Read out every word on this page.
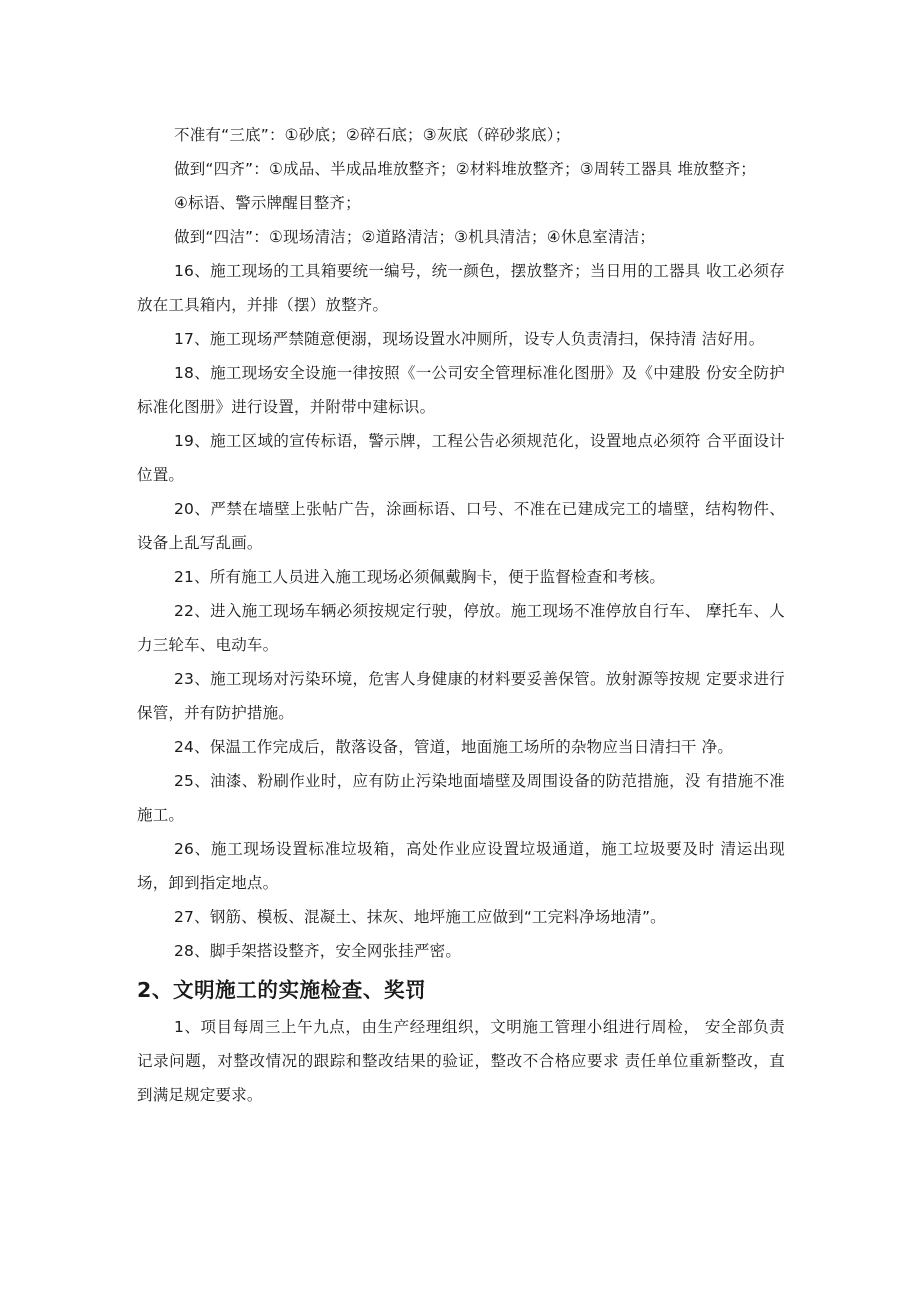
不准有“三底”：①砂底；②碎石底；③灰底（碎砂浆底）；

做到“四齐”：①成品、半成品堆放整齐；②材料堆放整齐；③周转工器具 堆放整齐；

④标语、警示牌醒目整齐；

做到“四洁”：①现场清洁；②道路清洁；③机具清洁；④休息室清洁；

16、施工现场的工具箱要统一编号，统一颜色，摆放整齐；当日用的工器具 收工必须存放在工具箱内，并排（摆）放整齐。

17、施工现场严禁随意便溺，现场设置水冲厕所，设专人负责清扫，保持清 洁好用。

18、施工现场安全设施一律按照《一公司安全管理标准化图册》及《中建股 份安全防护标准化图册》进行设置，并附带中建标识。

19、施工区域的宣传标语，警示牌，工程公告必须规范化，设置地点必须符 合平面设计位置。

20、严禁在墙壁上张帖广告，涂画标语、口号、不准在已建成完工的墙壁，结构物件、设备上乱写乱画。

21、所有施工人员进入施工现场必须佩戴胸卡，便于监督检查和考核。

22、进入施工现场车辆必须按规定行驶，停放。施工现场不准停放自行车、 摩托车、人力三轮车、电动车。

23、施工现场对污染环境，危害人身健康的材料要妥善保管。放射源等按规 定要求进行保管，并有防护措施。

24、保温工作完成后，散落设备，管道，地面施工场所的杂物应当日清扫干 净。

25、油漆、粉刷作业时，应有防止污染地面墙壁及周围设备的防范措施，没 有措施不准施工。

26、施工现场设置标准垃圾箱，高处作业应设置垃圾通道，施工垃圾要及时 清运出现场，卸到指定地点。

27、钢筋、模板、混凝土、抹灰、地坪施工应做到“工完料净场地清”。

28、脚手架搭设整齐，安全网张挂严密。

2、文明施工的实施检查、奖罚

1、项目每周三上午九点，由生产经理组织，文明施工管理小组进行周检， 安全部负责记录问题，对整改情况的跟踪和整改结果的验证，整改不合格应要求 责任单位重新整改，直到满足规定要求。
